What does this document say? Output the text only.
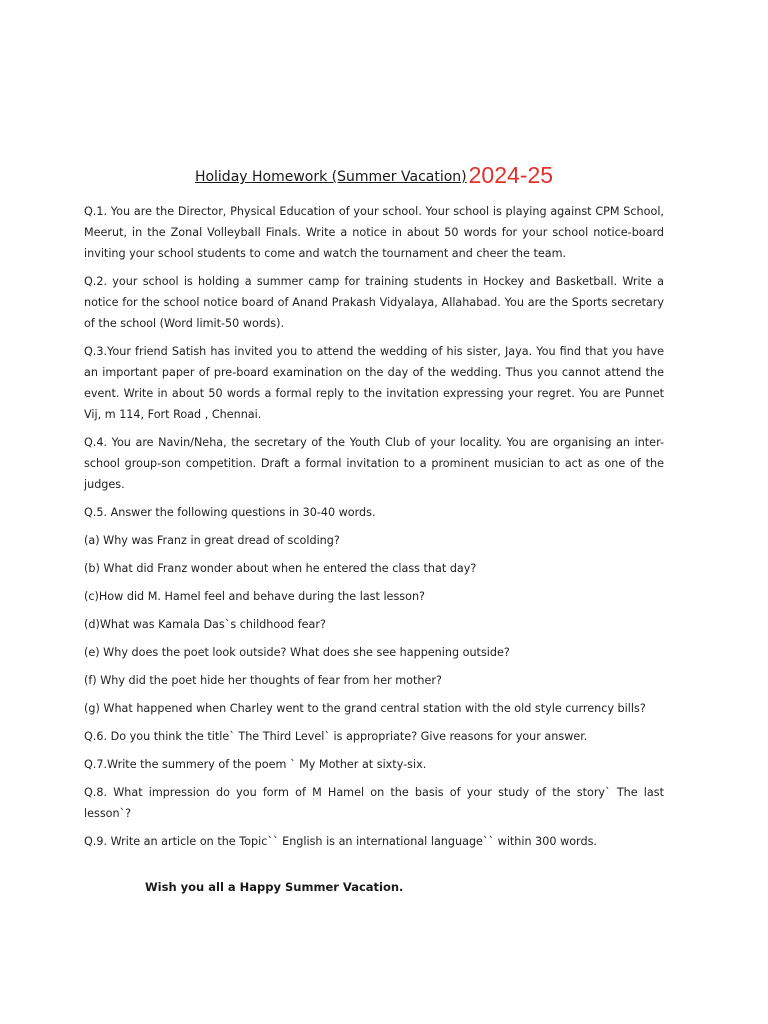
Holiday Homework (Summer Vacation)2024-25
Q.1. You are the Director, Physical Education of your school. Your school is playing against CPM School, Meerut, in the Zonal Volleyball Finals. Write a notice in about 50 words for your school notice-board inviting your school students to come and watch the tournament and cheer the team.
Q.2. your school is holding a summer camp for training students in Hockey and Basketball. Write a notice for the school notice board of Anand Prakash Vidyalaya, Allahabad. You are the Sports secretary of the school (Word limit-50 words).
Q.3.Your friend Satish has invited you to attend the wedding of his sister, Jaya. You find that you have an important paper of pre-board examination on the day of the wedding. Thus you cannot attend the event. Write in about 50 words a formal reply to the invitation expressing your regret. You are Punnet Vij, m 114, Fort Road , Chennai.
Q.4. You are Navin/Neha, the secretary of the Youth Club of your locality. You are organising an inter-school group-son competition. Draft a formal invitation to a prominent musician to act as one of the judges.
Q.5. Answer the following questions in 30-40 words.
(a) Why was Franz in great dread of scolding?
(b) What did Franz wonder about when he entered the class that day?
(c)How did M. Hamel feel and behave during the last lesson?
(d)What was Kamala Das`s childhood fear?
(e) Why does the poet look outside? What does she see happening outside?
(f) Why did the poet hide her thoughts of fear from her mother?
(g) What happened when Charley went to the grand central station with the old style currency bills?
Q.6. Do you think the title` The Third Level` is appropriate? Give reasons for your answer.
Q.7.Write the summery of the poem ` My Mother at sixty-six.
Q.8. What impression do you form of M Hamel on the basis of your study of the story` The last lesson`?
Q.9. Write an article on the Topic`` English is an international language`` within 300 words.
Wish you all a Happy Summer Vacation.
